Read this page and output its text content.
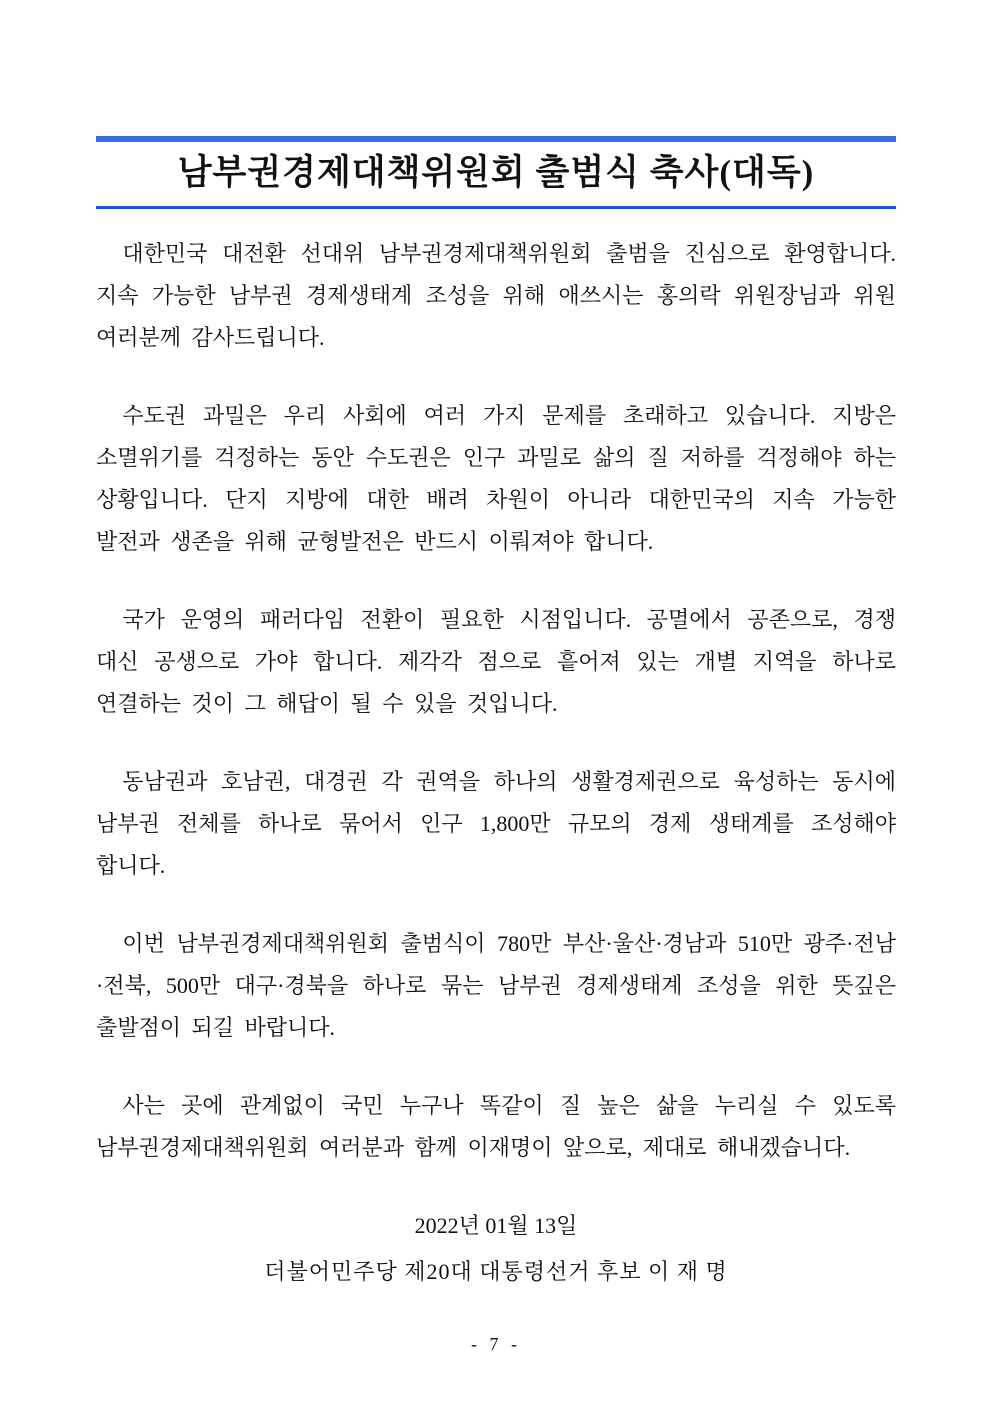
남부권경제대책위원회 출범식 축사(대독)

대한민국 대전환 선대위 남부권경제대책위원회 출범을 진심으로 환영합니다. 지속 가능한 남부권 경제생태계 조성을 위해 애쓰시는 홍의락 위원장님과 위원 여러분께 감사드립니다.

수도권 과밀은 우리 사회에 여러 가지 문제를 초래하고 있습니다. 지방은 소멸위기를 걱정하는 동안 수도권은 인구 과밀로 삶의 질 저하를 걱정해야 하는 상황입니다. 단지 지방에 대한 배려 차원이 아니라 대한민국의 지속 가능한 발전과 생존을 위해 균형발전은 반드시 이뤄져야 합니다.

국가 운영의 패러다임 전환이 필요한 시점입니다. 공멸에서 공존으로, 경쟁 대신 공생으로 가야 합니다. 제각각 점으로 흩어져 있는 개별 지역을 하나로 연결하는 것이 그 해답이 될 수 있을 것입니다.

동남권과 호남권, 대경권 각 권역을 하나의 생활경제권으로 육성하는 동시에 남부권 전체를 하나로 묶어서 인구 1,800만 규모의 경제 생태계를 조성해야 합니다.

이번 남부권경제대책위원회 출범식이 780만 부산·울산·경남과 510만 광주·전남·전북, 500만 대구·경북을 하나로 묶는 남부권 경제생태계 조성을 위한 뜻깊은 출발점이 되길 바랍니다.

사는 곳에 관계없이 국민 누구나 똑같이 질 높은 삶을 누리실 수 있도록 남부권경제대책위원회 여러분과 함께 이재명이 앞으로, 제대로 해내겠습니다.

2022년 01월 13일

더불어민주당 제20대 대통령선거 후보 이 재 명

- 7 -
